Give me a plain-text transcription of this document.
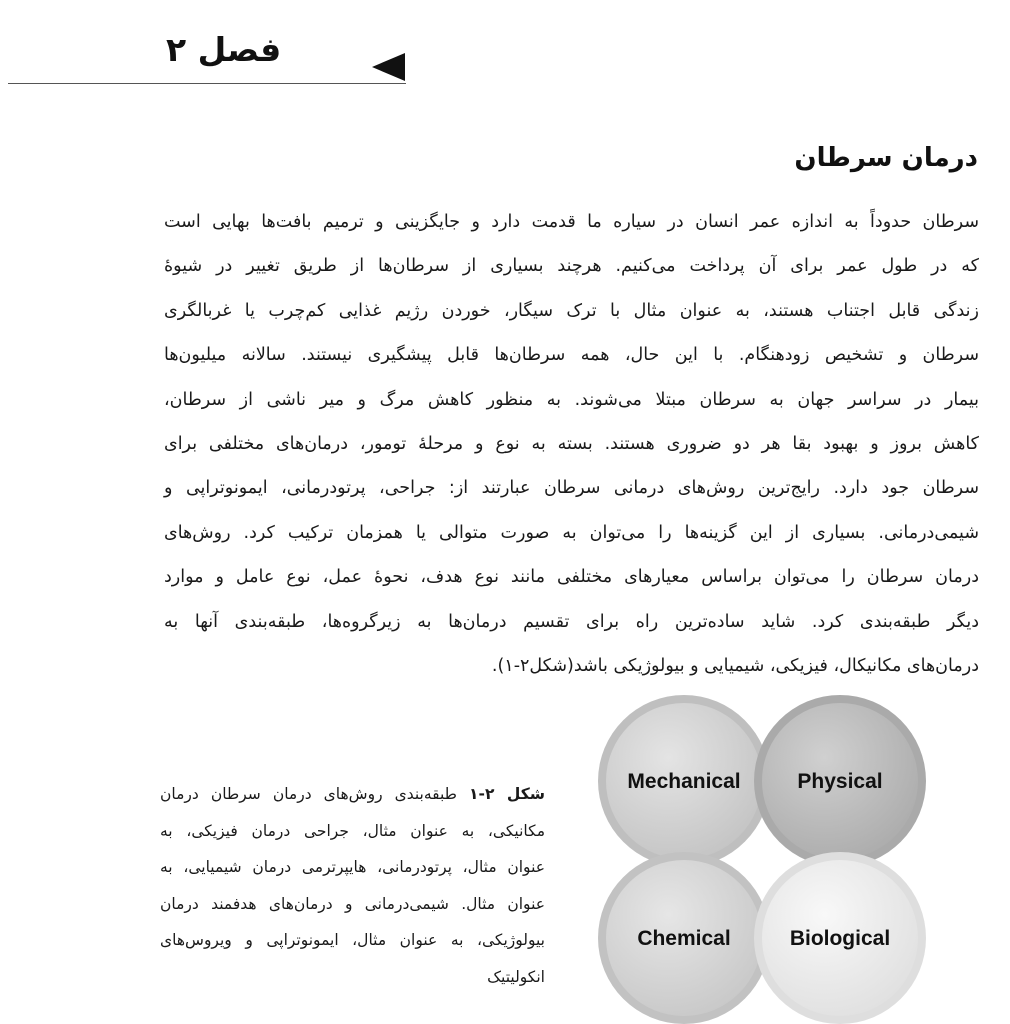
فصل ۲
درمان سرطان
سرطان حدوداً به اندازه عمر انسان در سیاره ما قدمت دارد و جایگزینی و ترمیم بافت‌ها بهایی است
که در طول عمر برای آن پرداخت می‌کنیم. هرچند بسیاری از سرطان‌ها از طریق تغییر در شیوهٔ
زندگی قابل اجتناب هستند، به عنوان مثال با ترک سیگار، خوردن رژیم غذایی کم‌چرب یا غربالگری
سرطان و تشخیص زودهنگام. با این حال، همه سرطان‌ها قابل پیشگیری نیستند. سالانه میلیون‌ها
بیمار در سراسر جهان به سرطان مبتلا می‌شوند. به منظور کاهش مرگ و میر ناشی از سرطان،
کاهش بروز و بهبود بقا هر دو ضروری هستند. بسته به نوع و مرحلهٔ تومور، درمان‌های مختلفی برای
سرطان جود دارد. رایج‌ترین روش‌های درمانی سرطان عبارتند از: جراحی، پرتودرمانی، ایمونوتراپی و
شیمی‌درمانی. بسیاری از این گزینه‌ها را می‌توان به صورت متوالی یا همزمان ترکیب کرد. روش‌های
درمان سرطان را می‌توان براساس معیارهای مختلفی مانند نوع هدف، نحوهٔ عمل، نوع عامل و موارد
دیگر طبقه‌بندی کرد. شاید ساده‌ترین راه برای تقسیم درمان‌ها به زیرگروه‌ها، طبقه‌بندی آنها به
درمان‌های مکانیکال، فیزیکی، شیمیایی و بیولوژیکی باشد(شکل۲-۱).
شکل ۲-۱ طبقه‌بندی روش‌های درمان سرطان درمان
مکانیکی، به عنوان مثال، جراحی درمان فیزیکی، به
عنوان مثال، پرتودرمانی، هایپرترمی درمان شیمیایی، به
عنوان مثال. شیمی‌درمانی و درمان‌های هدفمند درمان
بیولوژیکی، به عنوان مثال، ایمونوتراپی و ویروس‌های
انکولیتیک
Mechanical	Physical
Chemical	Biological
